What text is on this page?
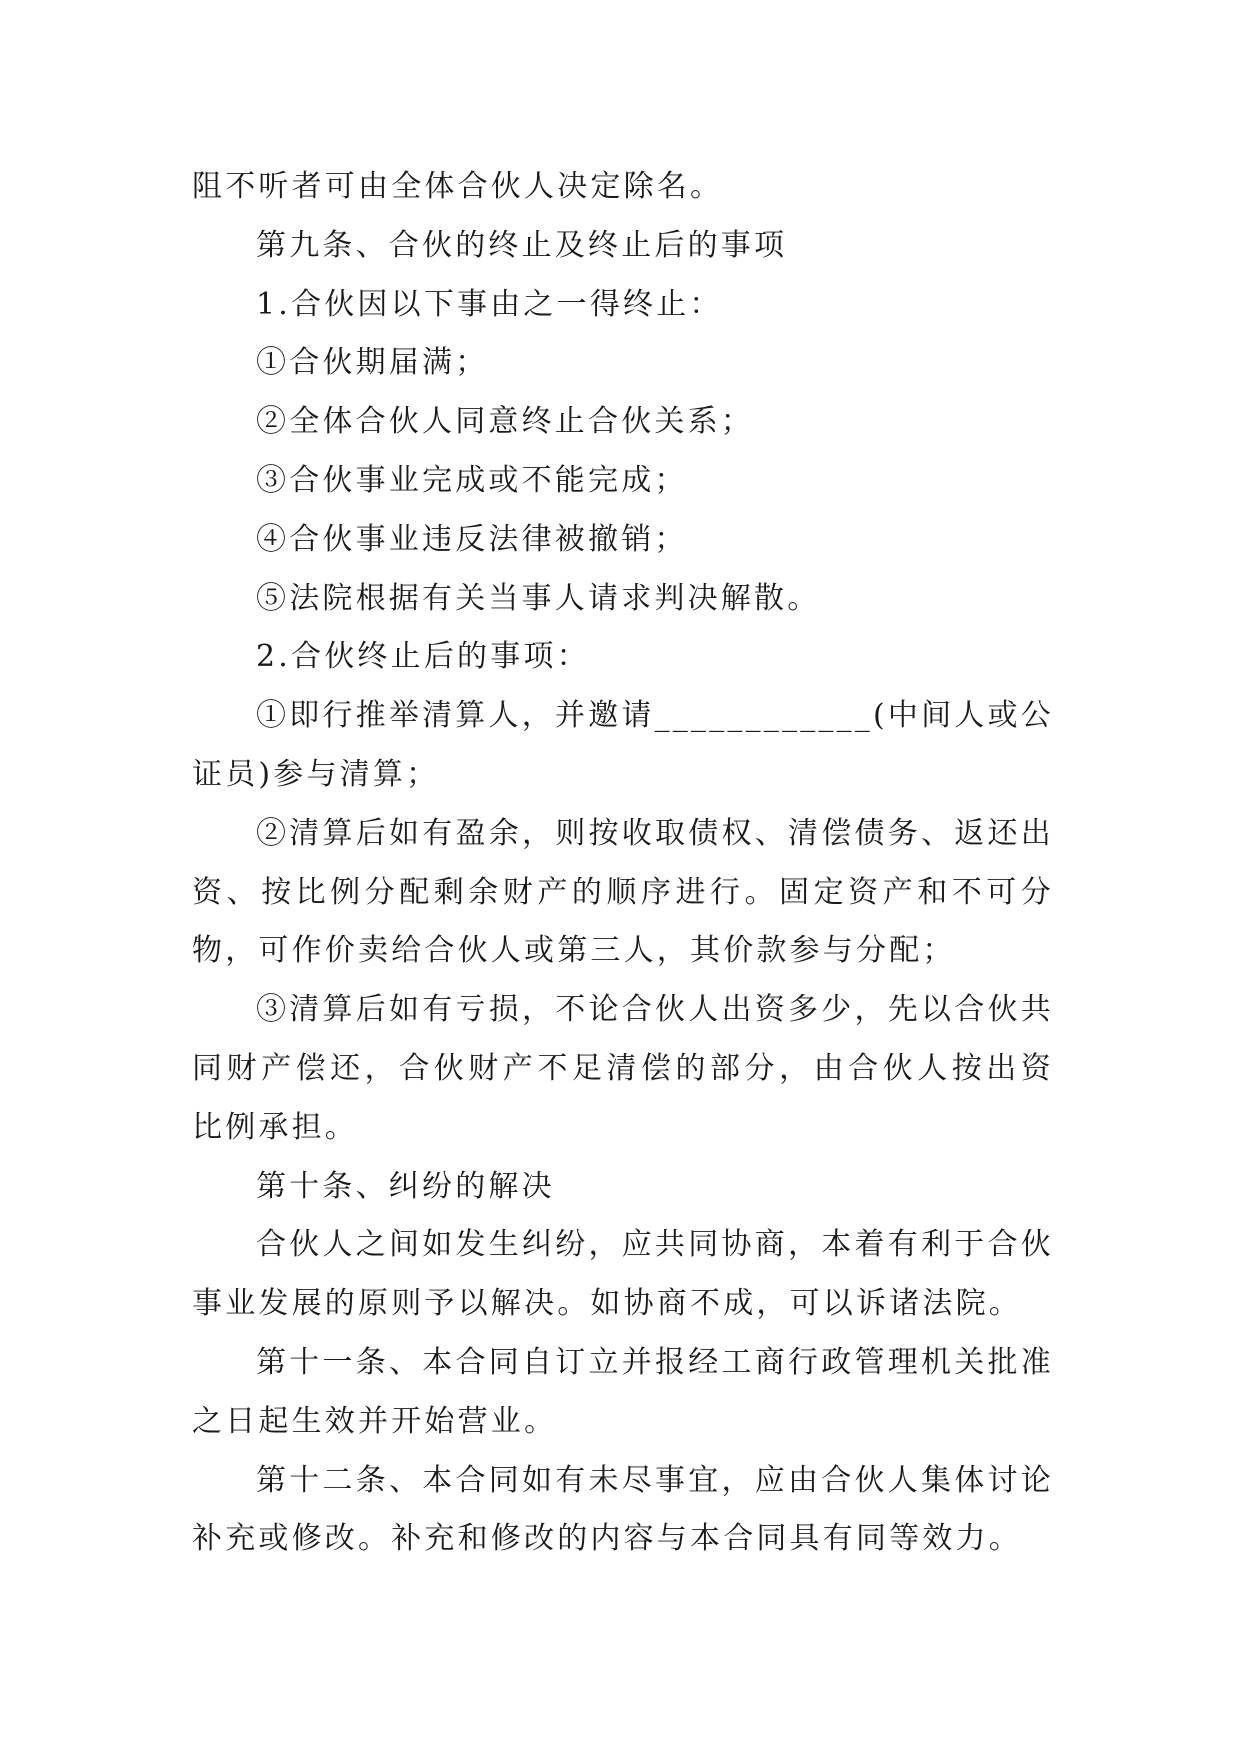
阻不听者可由全体合伙人决定除名。

第九条、合伙的终止及终止后的事项

1.合伙因以下事由之一得终止：

①合伙期届满；

②全体合伙人同意终止合伙关系；

③合伙事业完成或不能完成；

④合伙事业违反法律被撤销；

⑤法院根据有关当事人请求判决解散。

2.合伙终止后的事项：

①即行推举清算人，并邀请____________(中间人或公证员)参与清算；

②清算后如有盈余，则按收取债权、清偿债务、返还出资、按比例分配剩余财产的顺序进行。固定资产和不可分物，可作价卖给合伙人或第三人，其价款参与分配；

③清算后如有亏损，不论合伙人出资多少，先以合伙共同财产偿还，合伙财产不足清偿的部分，由合伙人按出资比例承担。

第十条、纠纷的解决

合伙人之间如发生纠纷，应共同协商，本着有利于合伙事业发展的原则予以解决。如协商不成，可以诉诸法院。

第十一条、本合同自订立并报经工商行政管理机关批准之日起生效并开始营业。

第十二条、本合同如有未尽事宜，应由合伙人集体讨论补充或修改。补充和修改的内容与本合同具有同等效力。
